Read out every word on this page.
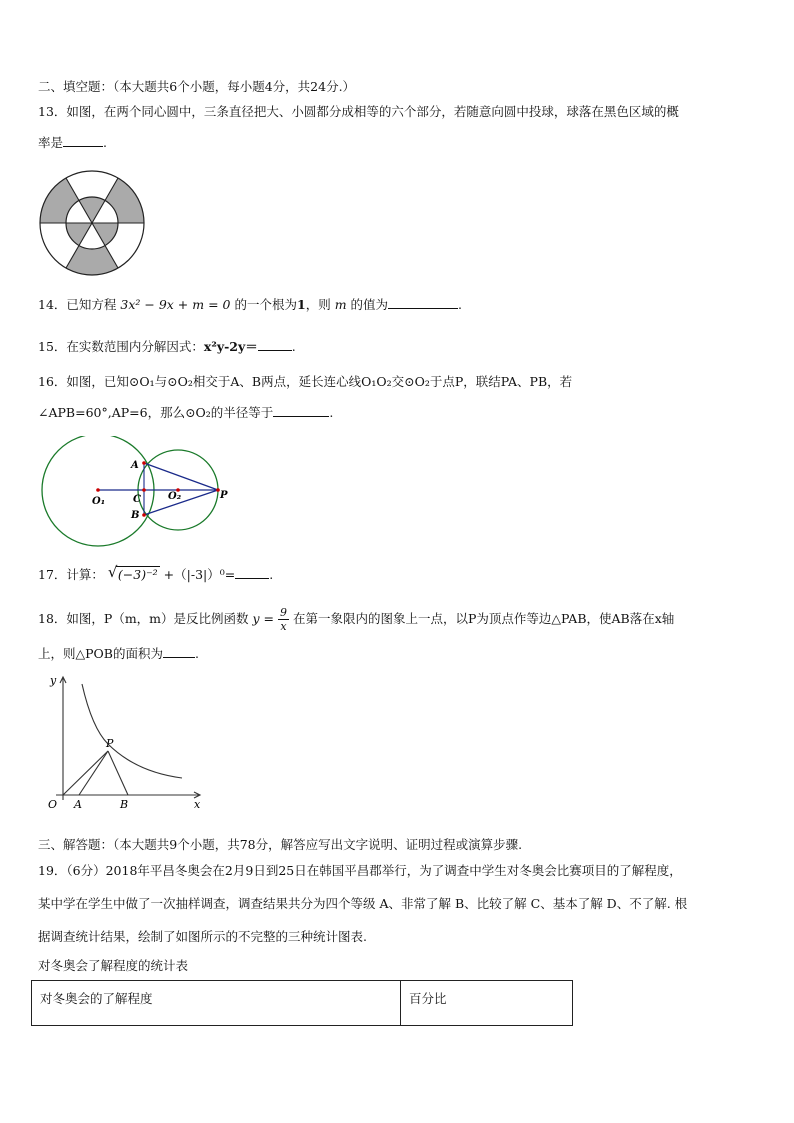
二、填空题：（本大题共6个小题，每小题4分，共24分.）
13．如图，在两个同心圆中，三条直径把大、小圆都分成相等的六个部分，若随意向圆中投球，球落在黑色区域的概
率是	.
14．已知方程 3x² − 9x + m = 0 的一个根为1，则 m 的值为	.
15．在实数范围内分解因式：x²y-2y＝	.
16．如图，已知⊙O₁与⊙O₂相交于A、B两点，延长连心线O₁O₂交⊙O₂于点P，联结PA、PB，若
∠APB=60°,AP=6，那么⊙O₂的半径等于	.
A
B
C
O₁	O₂	P
17．计算： √ (−3)⁻² +（|-3|）⁰=	.
18．如图，P（m，m）是反比例函数 $y = \frac{9}{x}$ 在第一象限内的图象上一点，以P为顶点作等边△PAB，使AB落在x轴
上，则△POB的面积为	.
y
x
O A	B
P
三、解答题：（本大题共9个小题，共78分，解答应写出文字说明、证明过程或演算步骤.
19．（6分）2018年平昌冬奥会在2月9日到25日在韩国平昌郡举行，为了调查中学生对冬奥会比赛项目的了解程度，
某中学在学生中做了一次抽样调查，调查结果共分为四个等级 A、非常了解 B、比较了解 C、基本了解 D、不了解. 根
据调查统计结果，绘制了如图所示的不完整的三种统计图表.
对冬奥会了解程度的统计表
对冬奥会的了解程度	百分比
